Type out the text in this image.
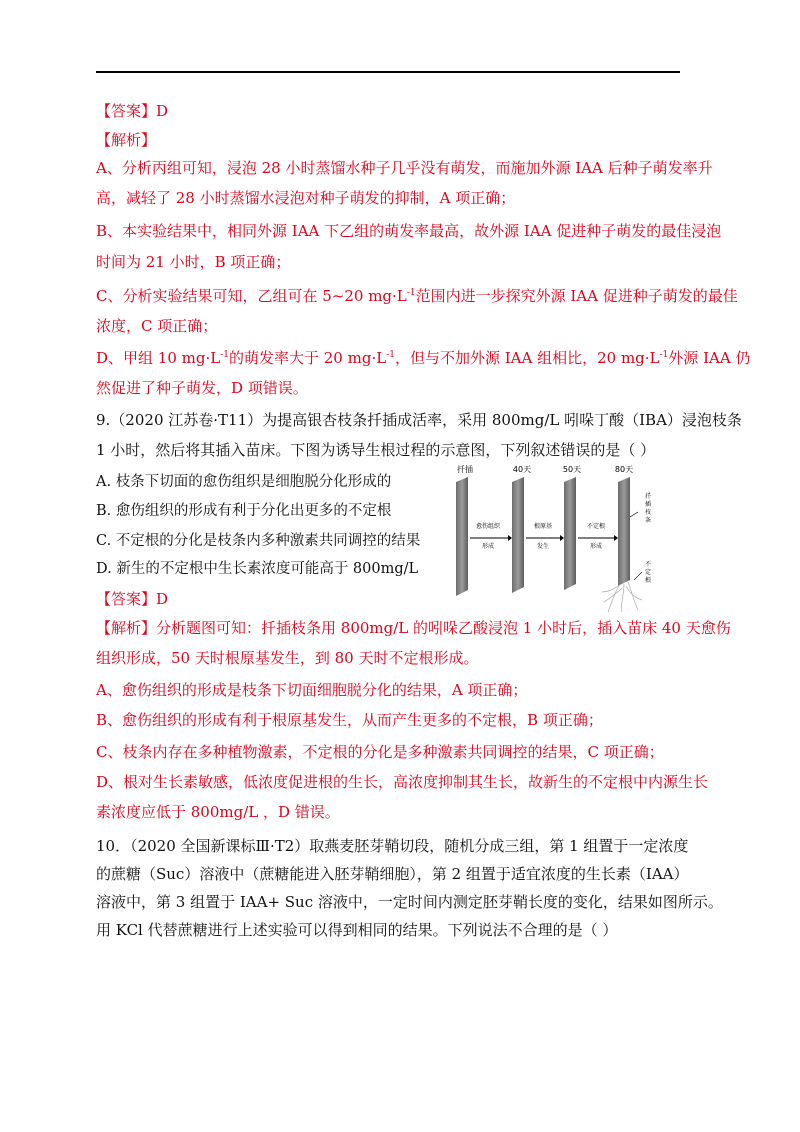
【答案】D
【解析】
A、分析丙组可知，浸泡 28 小时蒸馏水种子几乎没有萌发，而施加外源 IAA 后种子萌发率升
高，减轻了 28 小时蒸馏水浸泡对种子萌发的抑制，A 项正确；
B、本实验结果中，相同外源 IAA 下乙组的萌发率最高，故外源 IAA 促进种子萌发的最佳浸泡
时间为 21 小时，B 项正确；
C、分析实验结果可知，乙组可在 5~20 $mg\cdot L^{-1}$范围内进一步探究外源 IAA 促进种子萌发的最佳
浓度，C 项正确；
D、甲组 10 $mg\cdot L^{-1}$的萌发率大于 20 $mg\cdot L^{-1}$，但与不加外源 IAA 组相比，20 $mg\cdot L^{-1}$外源 IAA 仍
然促进了种子萌发，D 项错误。
9.（2020 江苏卷·T11）为提高银杏枝条扦插成活率，采用 800mg/L 吲哚丁酸（IBA）浸泡枝条
1 小时，然后将其插入苗床。下图为诱导生根过程的示意图，下列叙述错误的是（ ）
A. 枝条下切面的愈伤组织是细胞脱分化形成的
B. 愈伤组织的形成有利于分化出更多的不定根
C. 不定根的分化是枝条内多种激素共同调控的结果
D. 新生的不定根中生长素浓度可能高于 800mg/L
扦插	40天	50天	80天
愈伤组织
形成
根原基
发生
不定根
形成
扦
插
枝
条
不
定
根
【答案】D
【解析】分析题图可知：扦插枝条用 800mg/L 的吲哚乙酸浸泡 1 小时后，插入苗床 40 天愈伤
组织形成，50 天时根原基发生，到 80 天时不定根形成。
A、愈伤组织的形成是枝条下切面细胞脱分化的结果，A 项正确；
B、愈伤组织的形成有利于根原基发生，从而产生更多的不定根，B 项正确；
C、枝条内存在多种植物激素，不定根的分化是多种激素共同调控的结果，C 项正确；
D、根对生长素敏感，低浓度促进根的生长，高浓度抑制其生长，故新生的不定根中内源生长
素浓度应低于 800mg/L ，D 错误。
10．（2020 全国新课标Ⅲ·T2）取燕麦胚芽鞘切段，随机分成三组，第 1 组置于一定浓度
的蔗糖（Suc）溶液中（蔗糖能进入胚芽鞘细胞），第 2 组置于适宜浓度的生长素（IAA）
溶液中，第 3 组置于 IAA+ Suc 溶液中，一定时间内测定胚芽鞘长度的变化，结果如图所示。
用 KCl 代替蔗糖进行上述实验可以得到相同的结果。下列说法不合理的是（ ）
